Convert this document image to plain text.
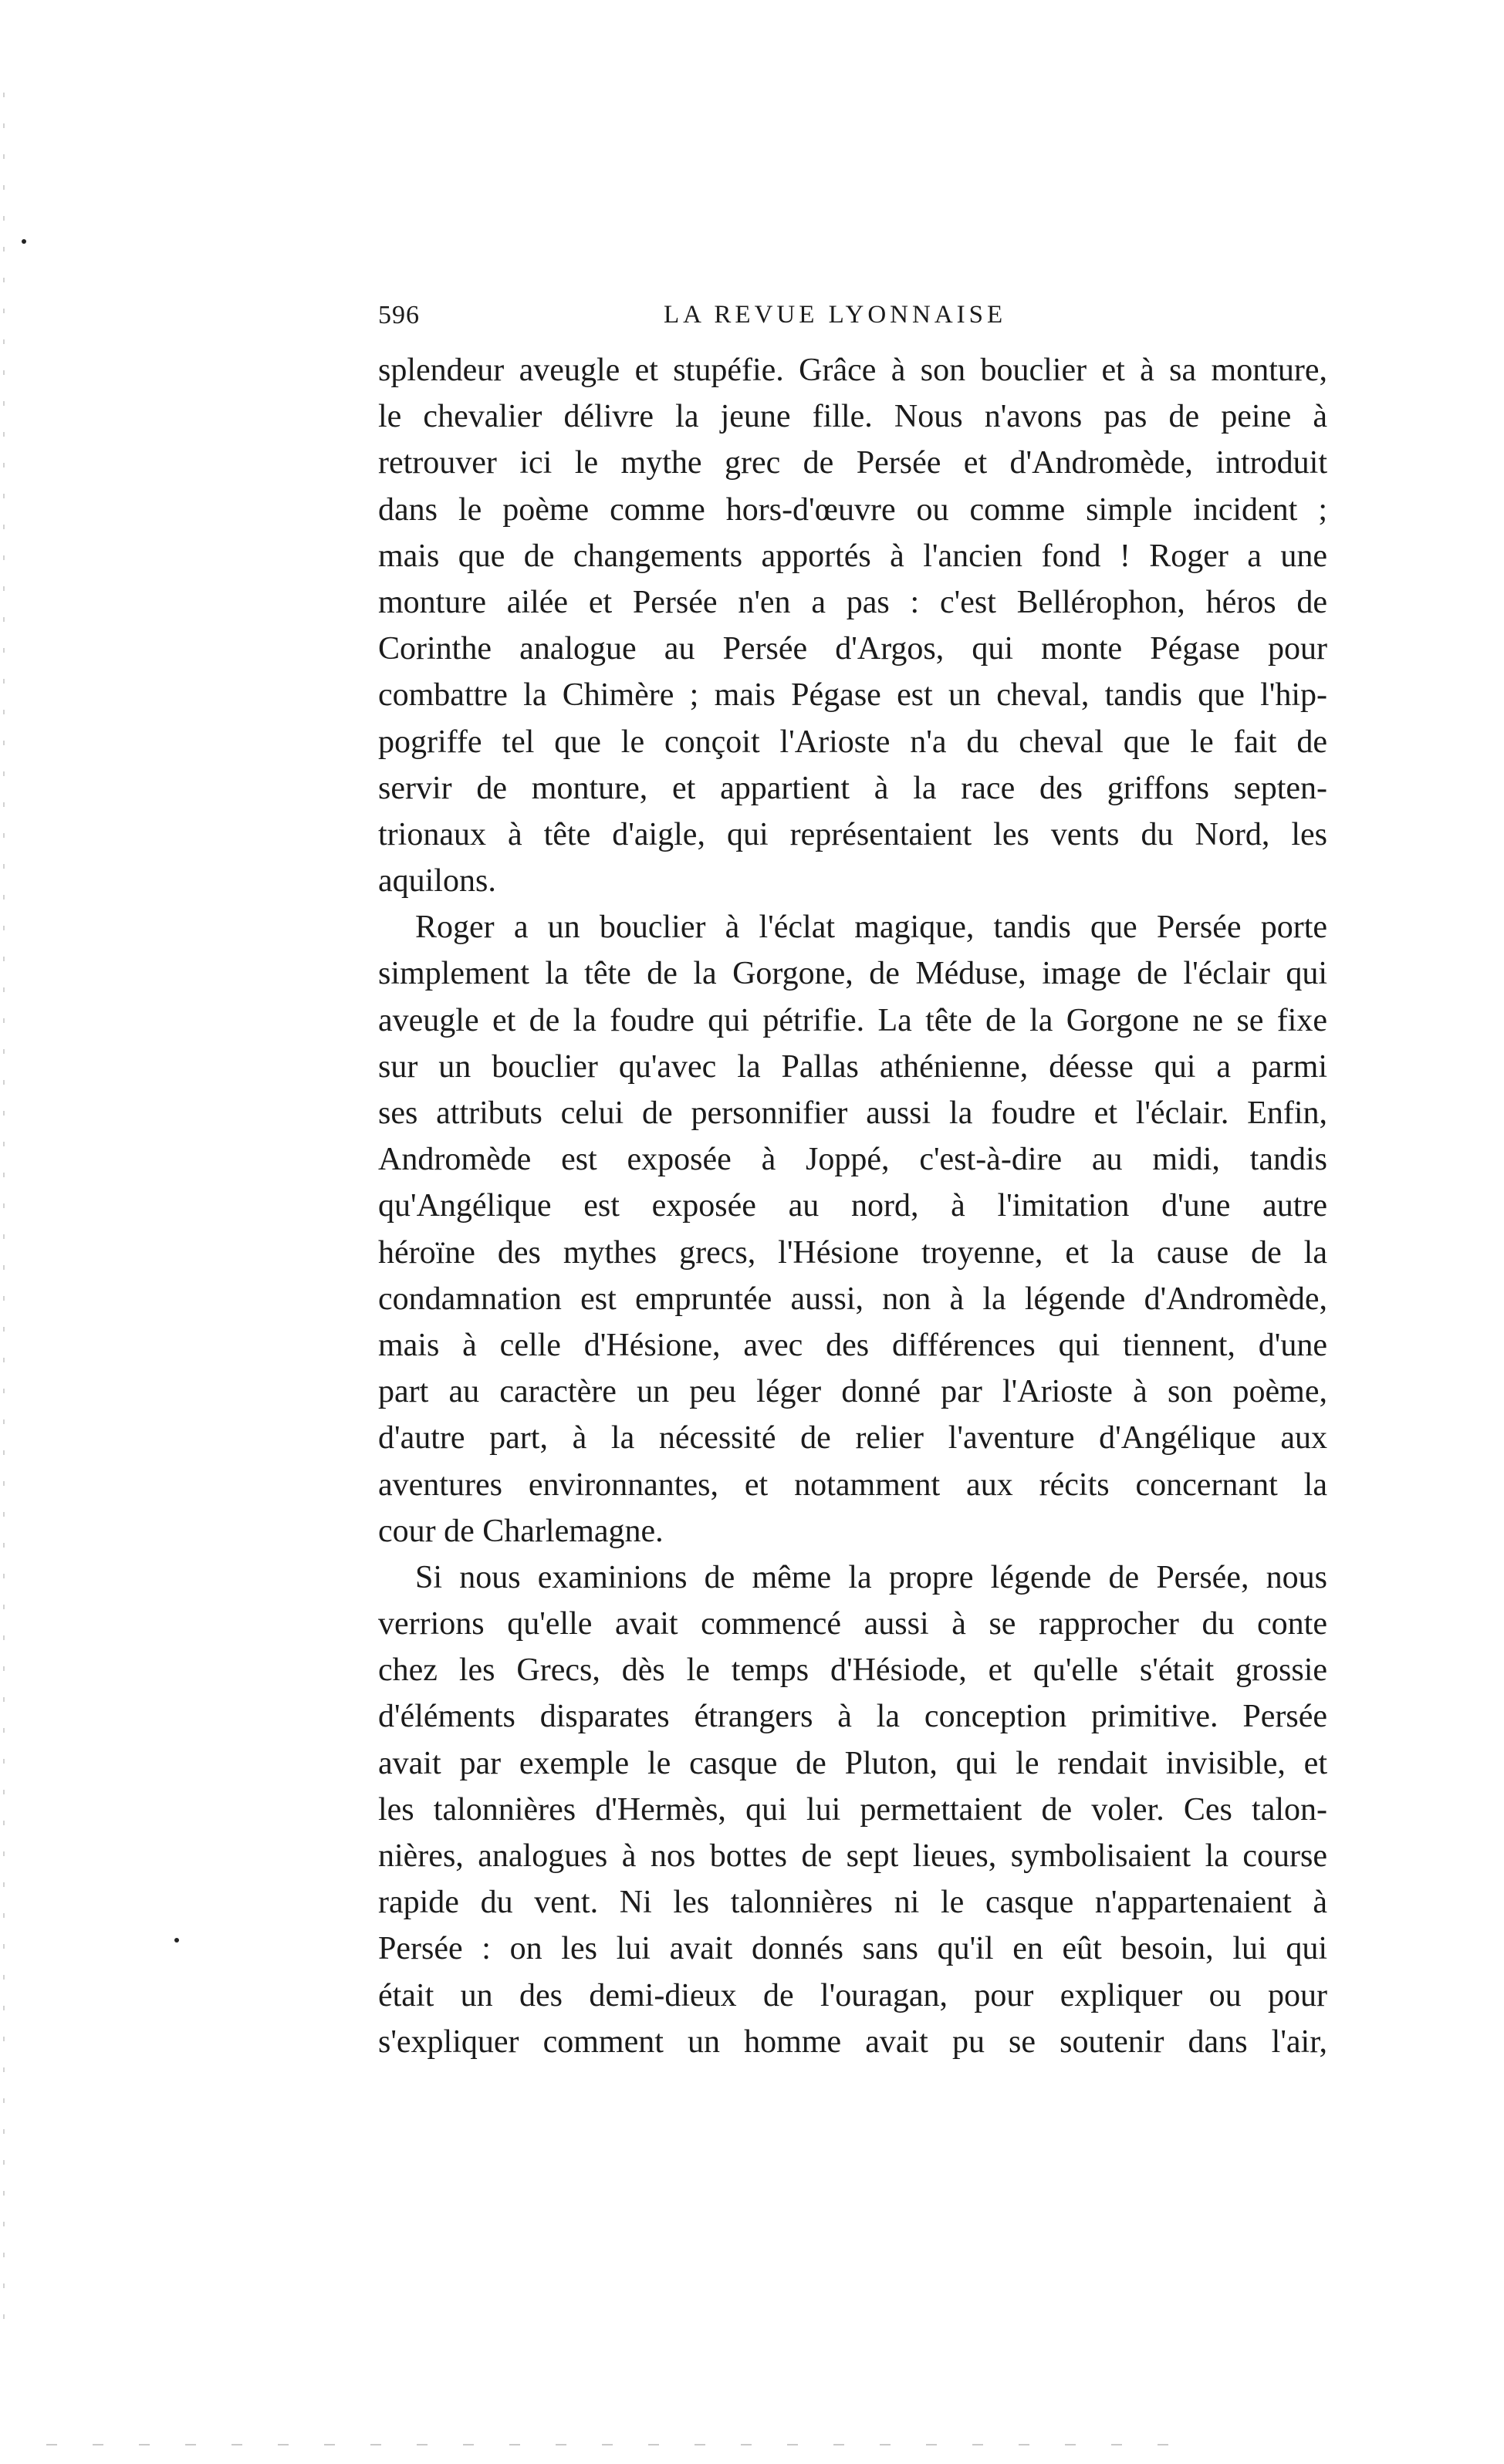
596	LA REVUE LYONNAISE
splendeur aveugle et stupéfie. Grâce à son bouclier et à sa monture,
le chevalier délivre la jeune fille. Nous n'avons pas de peine à
retrouver ici le mythe grec de Persée et d'Andromède, introduit
dans le poème comme hors-d'œuvre ou comme simple incident ;
mais que de changements apportés à l'ancien fond ! Roger a une
monture ailée et Persée n'en a pas : c'est Bellérophon, héros de
Corinthe analogue au Persée d'Argos, qui monte Pégase pour
combattre la Chimère ; mais Pégase est un cheval, tandis que l'hip-
pogriffe tel que le conçoit l'Arioste n'a du cheval que le fait de
servir de monture, et appartient à la race des griffons septen-
trionaux à tête d'aigle, qui représentaient les vents du Nord, les
aquilons.
Roger a un bouclier à l'éclat magique, tandis que Persée porte
simplement la tête de la Gorgone, de Méduse, image de l'éclair qui
aveugle et de la foudre qui pétrifie. La tête de la Gorgone ne se fixe
sur un bouclier qu'avec la Pallas athénienne, déesse qui a parmi
ses attributs celui de personnifier aussi la foudre et l'éclair. Enfin,
Andromède est exposée à Joppé, c'est-à-dire au midi, tandis
qu'Angélique est exposée au nord, à l'imitation d'une autre
héroïne des mythes grecs, l'Hésione troyenne, et la cause de la
condamnation est empruntée aussi, non à la légende d'Andromède,
mais à celle d'Hésione, avec des différences qui tiennent, d'une
part au caractère un peu léger donné par l'Arioste à son poème,
d'autre part, à la nécessité de relier l'aventure d'Angélique aux
aventures environnantes, et notamment aux récits concernant la
cour de Charlemagne.
Si nous examinions de même la propre légende de Persée, nous
verrions qu'elle avait commencé aussi à se rapprocher du conte
chez les Grecs, dès le temps d'Hésiode, et qu'elle s'était grossie
d'éléments disparates étrangers à la conception primitive. Persée
avait par exemple le casque de Pluton, qui le rendait invisible, et
les talonnières d'Hermès, qui lui permettaient de voler. Ces talon-
nières, analogues à nos bottes de sept lieues, symbolisaient la course
rapide du vent. Ni les talonnières ni le casque n'appartenaient à
Persée : on les lui avait donnés sans qu'il en eût besoin, lui qui
était un des demi-dieux de l'ouragan, pour expliquer ou pour
s'expliquer comment un homme avait pu se soutenir dans l'air,
